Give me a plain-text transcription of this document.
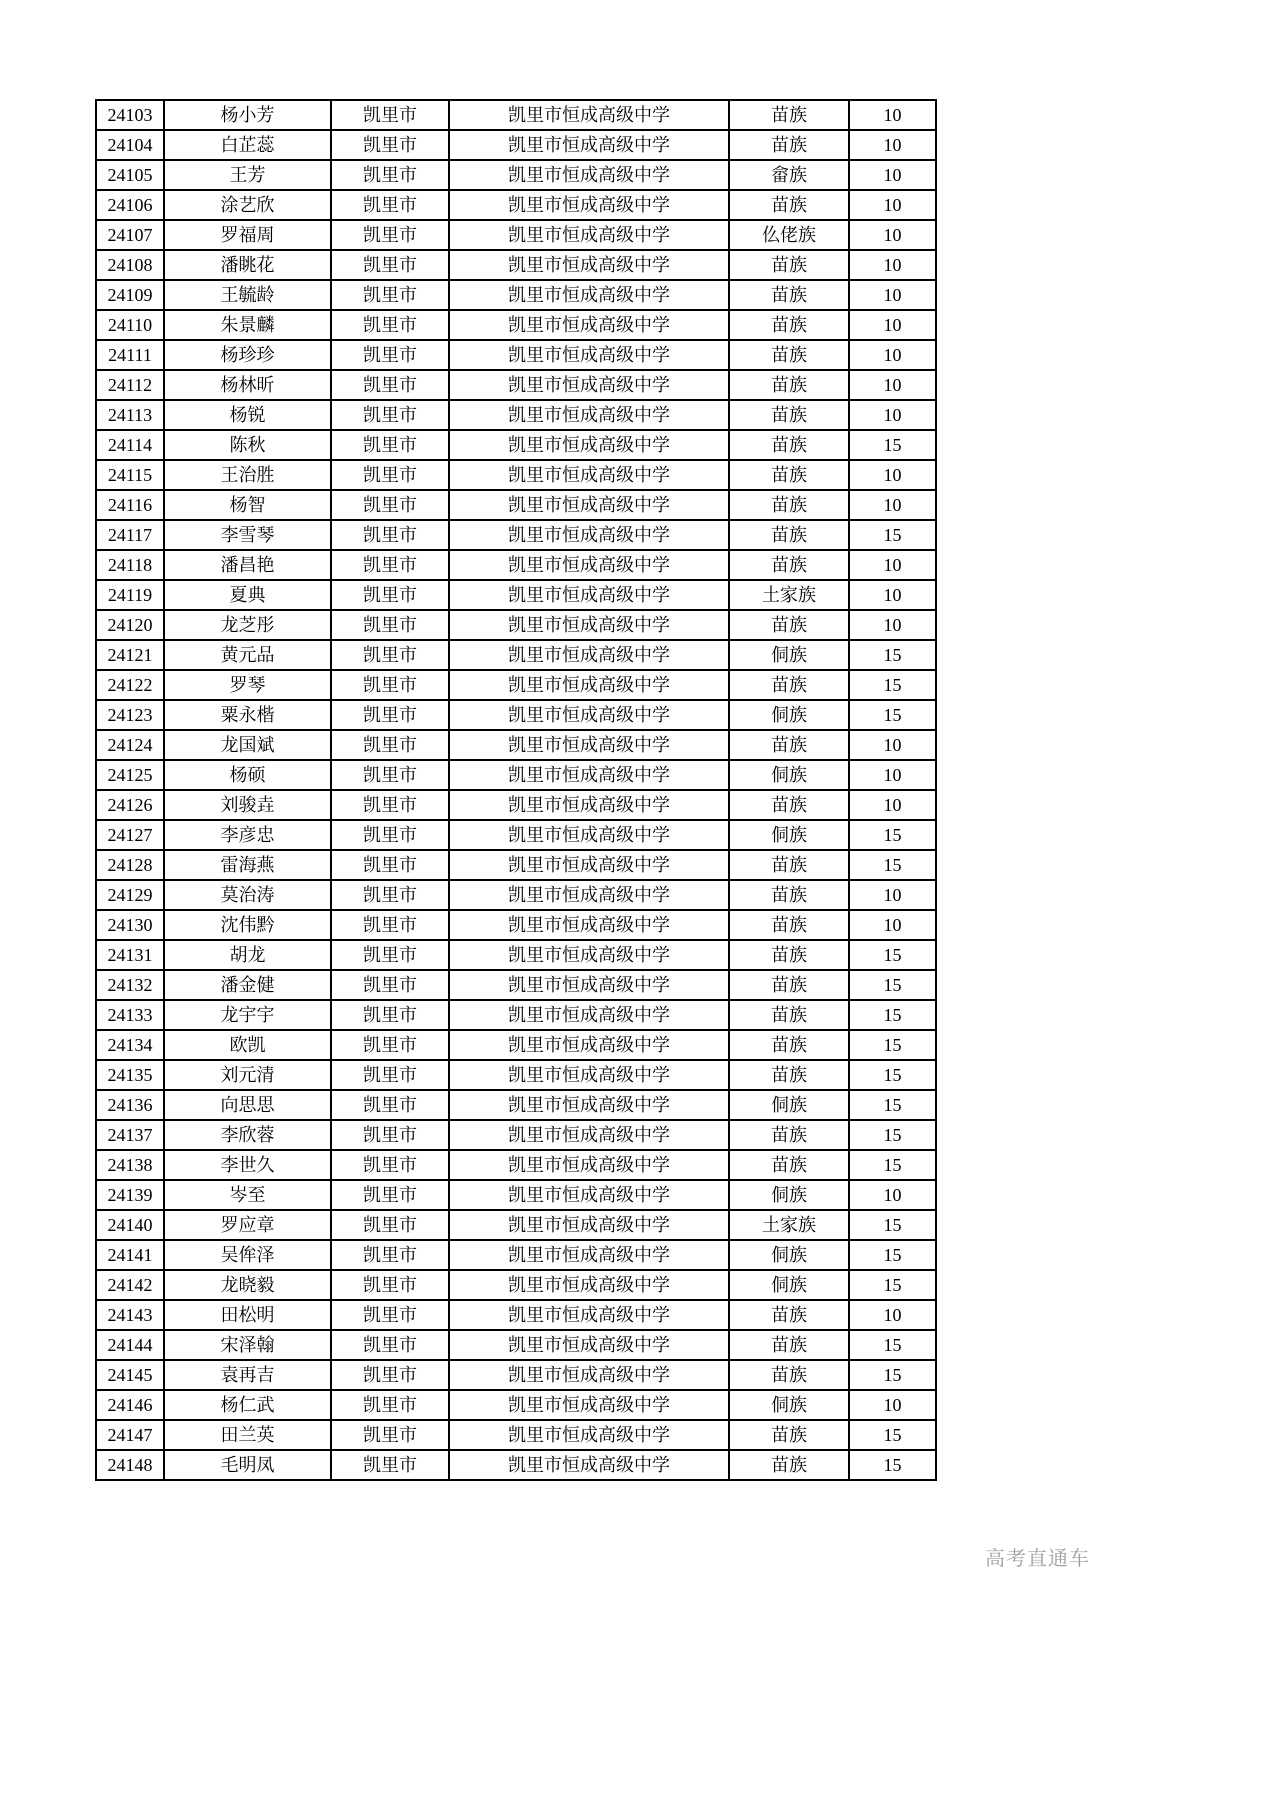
24103	杨小芳	凯里市	凯里市恒成高级中学	苗族	10
24104	白芷蕊	凯里市	凯里市恒成高级中学	苗族	10
24105	王芳	凯里市	凯里市恒成高级中学	畲族	10
24106	涂艺欣	凯里市	凯里市恒成高级中学	苗族	10
24107	罗福周	凯里市	凯里市恒成高级中学	仫佬族	10
24108	潘眺花	凯里市	凯里市恒成高级中学	苗族	10
24109	王毓龄	凯里市	凯里市恒成高级中学	苗族	10
24110	朱景麟	凯里市	凯里市恒成高级中学	苗族	10
24111	杨珍珍	凯里市	凯里市恒成高级中学	苗族	10
24112	杨林昕	凯里市	凯里市恒成高级中学	苗族	10
24113	杨锐	凯里市	凯里市恒成高级中学	苗族	10
24114	陈秋	凯里市	凯里市恒成高级中学	苗族	15
24115	王治胜	凯里市	凯里市恒成高级中学	苗族	10
24116	杨智	凯里市	凯里市恒成高级中学	苗族	10
24117	李雪琴	凯里市	凯里市恒成高级中学	苗族	15
24118	潘昌艳	凯里市	凯里市恒成高级中学	苗族	10
24119	夏典	凯里市	凯里市恒成高级中学	土家族	10
24120	龙芝彤	凯里市	凯里市恒成高级中学	苗族	10
24121	黄元品	凯里市	凯里市恒成高级中学	侗族	15
24122	罗琴	凯里市	凯里市恒成高级中学	苗族	15
24123	粟永楷	凯里市	凯里市恒成高级中学	侗族	15
24124	龙国斌	凯里市	凯里市恒成高级中学	苗族	10
24125	杨硕	凯里市	凯里市恒成高级中学	侗族	10
24126	刘骏垚	凯里市	凯里市恒成高级中学	苗族	10
24127	李彦忠	凯里市	凯里市恒成高级中学	侗族	15
24128	雷海燕	凯里市	凯里市恒成高级中学	苗族	15
24129	莫治涛	凯里市	凯里市恒成高级中学	苗族	10
24130	沈伟黔	凯里市	凯里市恒成高级中学	苗族	10
24131	胡龙	凯里市	凯里市恒成高级中学	苗族	15
24132	潘金健	凯里市	凯里市恒成高级中学	苗族	15
24133	龙宇宇	凯里市	凯里市恒成高级中学	苗族	15
24134	欧凯	凯里市	凯里市恒成高级中学	苗族	15
24135	刘元清	凯里市	凯里市恒成高级中学	苗族	15
24136	向思思	凯里市	凯里市恒成高级中学	侗族	15
24137	李欣蓉	凯里市	凯里市恒成高级中学	苗族	15
24138	李世久	凯里市	凯里市恒成高级中学	苗族	15
24139	岑至	凯里市	凯里市恒成高级中学	侗族	10
24140	罗应章	凯里市	凯里市恒成高级中学	土家族	15
24141	吴侔泽	凯里市	凯里市恒成高级中学	侗族	15
24142	龙晓毅	凯里市	凯里市恒成高级中学	侗族	15
24143	田松明	凯里市	凯里市恒成高级中学	苗族	10
24144	宋泽翰	凯里市	凯里市恒成高级中学	苗族	15
24145	袁再吉	凯里市	凯里市恒成高级中学	苗族	15
24146	杨仁武	凯里市	凯里市恒成高级中学	侗族	10
24147	田兰英	凯里市	凯里市恒成高级中学	苗族	15
24148	毛明凤	凯里市	凯里市恒成高级中学	苗族	15
高考直通车
